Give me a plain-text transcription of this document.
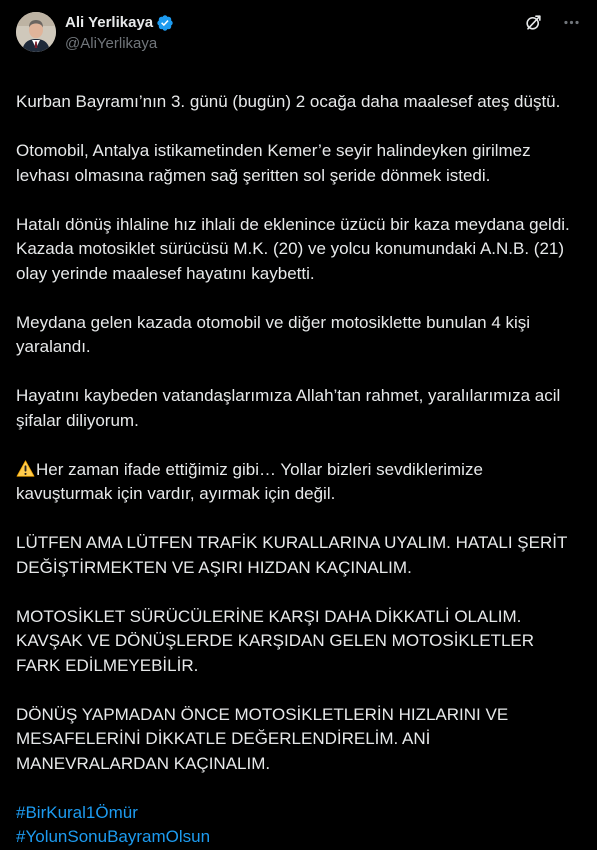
Ali Yerlikaya
@AliYerlikaya

Kurban Bayramı’nın 3. günü (bugün) 2 ocağa daha maalesef ateş düştü.

Otomobil, Antalya istikametinden Kemer’e seyir halindeyken girilmez levhası olmasına rağmen sağ şeritten sol şeride dönmek istedi.

Hatalı dönüş ihlaline hız ihlali de eklenince üzücü bir kaza meydana geldi. Kazada motosiklet sürücüsü M.K. (20) ve yolcu konumundaki A.N.B. (21) olay yerinde maalesef hayatını kaybetti.

Meydana gelen kazada otomobil ve diğer motosiklette bunulan 4 kişi yaralandı.

Hayatını kaybeden vatandaşlarımıza Allah’tan rahmet, yaralılarımıza acil şifalar diliyorum.

Her zaman ifade ettiğimiz gibi… Yollar bizleri sevdiklerimize kavuşturmak için vardır, ayırmak için değil.

LÜTFEN AMA LÜTFEN TRAFİK KURALLARINA UYALIM. HATALI ŞERİT DEĞİŞTİRMEKTEN VE AŞIRI HIZDAN KAÇINALIM.

MOTOSİKLET SÜRÜCÜLERİNE KARŞI DAHA DİKKATLİ OLALIM. KAVŞAK VE DÖNÜŞLERDE KARŞIDAN GELEN MOTOSİKLETLER FARK EDİLMEYEBİLİR.

DÖNÜŞ YAPMADAN ÖNCE MOTOSİKLETLERİN HIZLARINI VE MESAFELERİNİ DİKKATLE DEĞERLENDİRELİM. ANİ MANEVRALARDAN KAÇINALIM.

#BirKural1Ömür
#YolunSonuBayramOlsun
